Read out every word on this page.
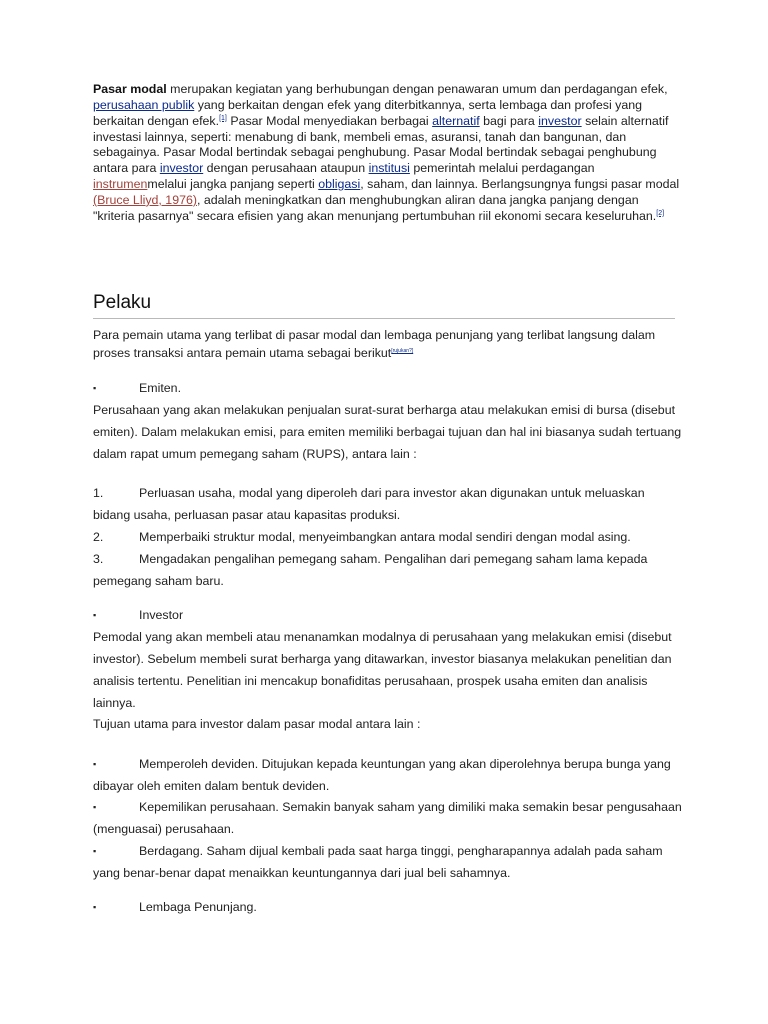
Pasar modal merupakan kegiatan yang berhubungan dengan penawaran umum dan perdagangan efek, perusahaan publik yang berkaitan dengan efek yang diterbitkannya, serta lembaga dan profesi yang berkaitan dengan efek.[1] Pasar Modal menyediakan berbagai alternatif bagi para investor selain alternatif investasi lainnya, seperti: menabung di bank, membeli emas, asuransi, tanah dan bangunan, dan sebagainya. Pasar Modal bertindak sebagai penghubung. Pasar Modal bertindak sebagai penghubung antara para investor dengan perusahaan ataupun institusi pemerintah melalui perdagangan instrumenmelalui jangka panjang seperti obligasi, saham, dan lainnya. Berlangsungnya fungsi pasar modal (Bruce Lliyd, 1976), adalah meningkatkan dan menghubungkan aliran dana jangka panjang dengan "kriteria pasarnya" secara efisien yang akan menunjang pertumbuhan riil ekonomi secara keseluruhan.[2]

Pelaku

Para pemain utama yang terlibat di pasar modal dan lembaga penunjang yang terlibat langsung dalam proses transaksi antara pemain utama sebagai berikut[rujukan?]

▪	Emiten.

Perusahaan yang akan melakukan penjualan surat-surat berharga atau melakukan emisi di bursa (disebut emiten). Dalam melakukan emisi, para emiten memiliki berbagai tujuan dan hal ini biasanya sudah tertuang dalam rapat umum pemegang saham (RUPS), antara lain :

1.	Perluasan usaha, modal yang diperoleh dari para investor akan digunakan untuk meluaskan bidang usaha, perluasan pasar atau kapasitas produksi.

2.	Memperbaiki struktur modal, menyeimbangkan antara modal sendiri dengan modal asing.

3.	Mengadakan pengalihan pemegang saham. Pengalihan dari pemegang saham lama kepada pemegang saham baru.

▪	Investor

Pemodal yang akan membeli atau menanamkan modalnya di perusahaan yang melakukan emisi (disebut investor). Sebelum membeli surat berharga yang ditawarkan, investor biasanya melakukan penelitian dan analisis tertentu. Penelitian ini mencakup bonafiditas perusahaan, prospek usaha emiten dan analisis lainnya.

Tujuan utama para investor dalam pasar modal antara lain :

▪	Memperoleh deviden. Ditujukan kepada keuntungan yang akan diperolehnya berupa bunga yang dibayar oleh emiten dalam bentuk deviden.

▪	Kepemilikan perusahaan. Semakin banyak saham yang dimiliki maka semakin besar pengusahaan (menguasai) perusahaan.

▪	Berdagang. Saham dijual kembali pada saat harga tinggi, pengharapannya adalah pada saham yang benar-benar dapat menaikkan keuntungannya dari jual beli sahamnya.

▪	Lembaga Penunjang.
